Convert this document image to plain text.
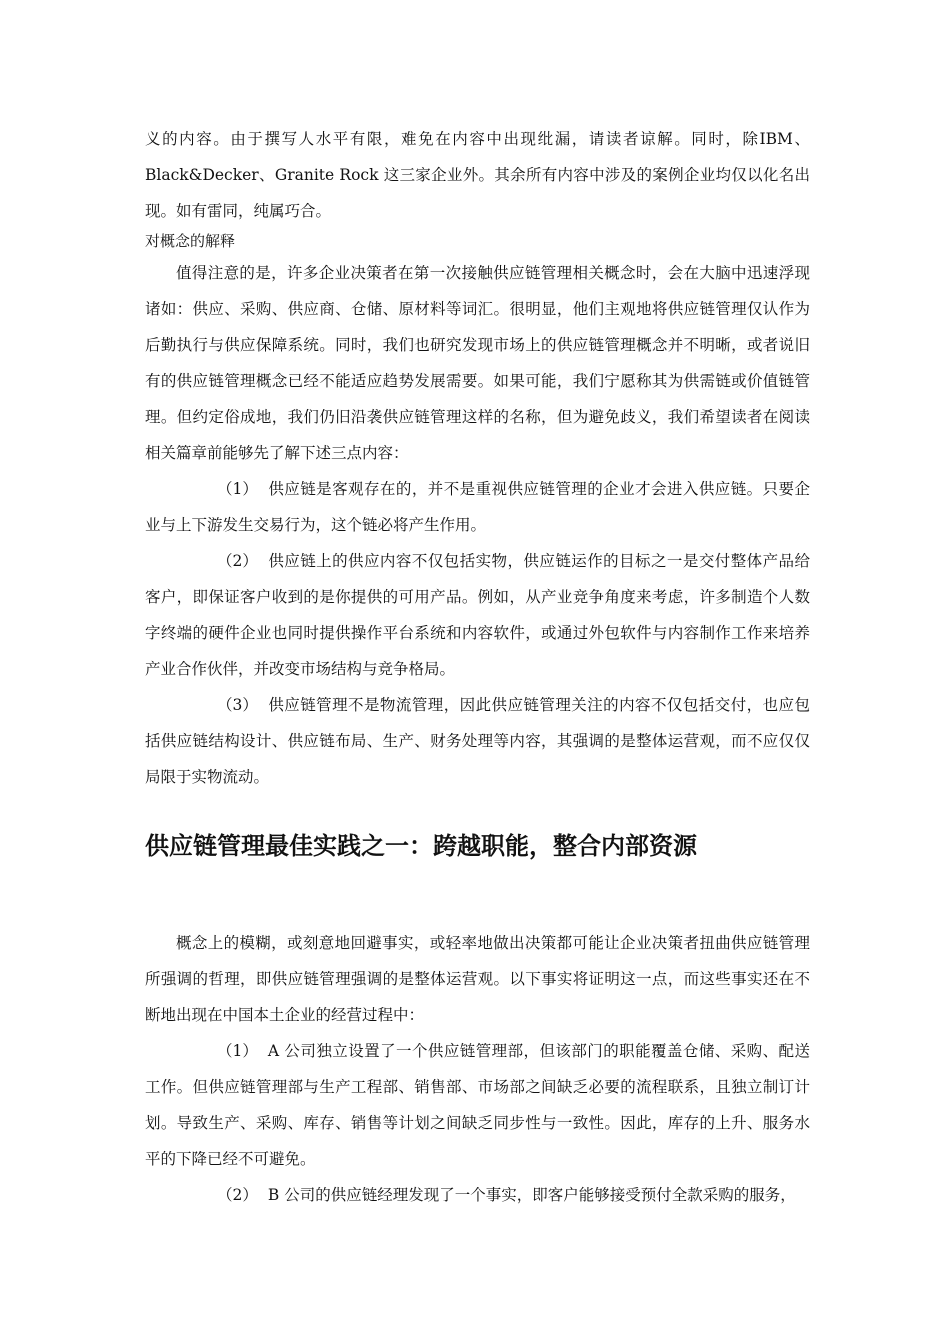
义的内容。由于撰写人水平有限，难免在内容中出现纰漏，请读者谅解。同时，除IBM、Black&Decker、Granite Rock 这三家企业外。其余所有内容中涉及的案例企业均仅以化名出现。如有雷同，纯属巧合。

对概念的解释

值得注意的是，许多企业决策者在第一次接触供应链管理相关概念时，会在大脑中迅速浮现诸如：供应、采购、供应商、仓储、原材料等词汇。很明显，他们主观地将供应链管理仅认作为后勤执行与供应保障系统。同时，我们也研究发现市场上的供应链管理概念并不明晰，或者说旧有的供应链管理概念已经不能适应趋势发展需要。如果可能，我们宁愿称其为供需链或价值链管理。但约定俗成地，我们仍旧沿袭供应链管理这样的名称，但为避免歧义，我们希望读者在阅读相关篇章前能够先了解下述三点内容：

（1） 供应链是客观存在的，并不是重视供应链管理的企业才会进入供应链。只要企业与上下游发生交易行为，这个链必将产生作用。

（2） 供应链上的供应内容不仅包括实物，供应链运作的目标之一是交付整体产品给客户，即保证客户收到的是你提供的可用产品。例如，从产业竞争角度来考虑，许多制造个人数字终端的硬件企业也同时提供操作平台系统和内容软件，或通过外包软件与内容制作工作来培养产业合作伙伴，并改变市场结构与竞争格局。

（3） 供应链管理不是物流管理，因此供应链管理关注的内容不仅包括交付，也应包括供应链结构设计、供应链布局、生产、财务处理等内容，其强调的是整体运营观，而不应仅仅局限于实物流动。

供应链管理最佳实践之一：跨越职能，整合内部资源

概念上的模糊，或刻意地回避事实，或轻率地做出决策都可能让企业决策者扭曲供应链管理所强调的哲理，即供应链管理强调的是整体运营观。以下事实将证明这一点，而这些事实还在不断地出现在中国本土企业的经营过程中：

（1） A 公司独立设置了一个供应链管理部，但该部门的职能覆盖仓储、采购、配送工作。但供应链管理部与生产工程部、销售部、市场部之间缺乏必要的流程联系，且独立制订计划。导致生产、采购、库存、销售等计划之间缺乏同步性与一致性。因此，库存的上升、服务水平的下降已经不可避免。

（2） B 公司的供应链经理发现了一个事实，即客户能够接受预付全款采购的服务，
